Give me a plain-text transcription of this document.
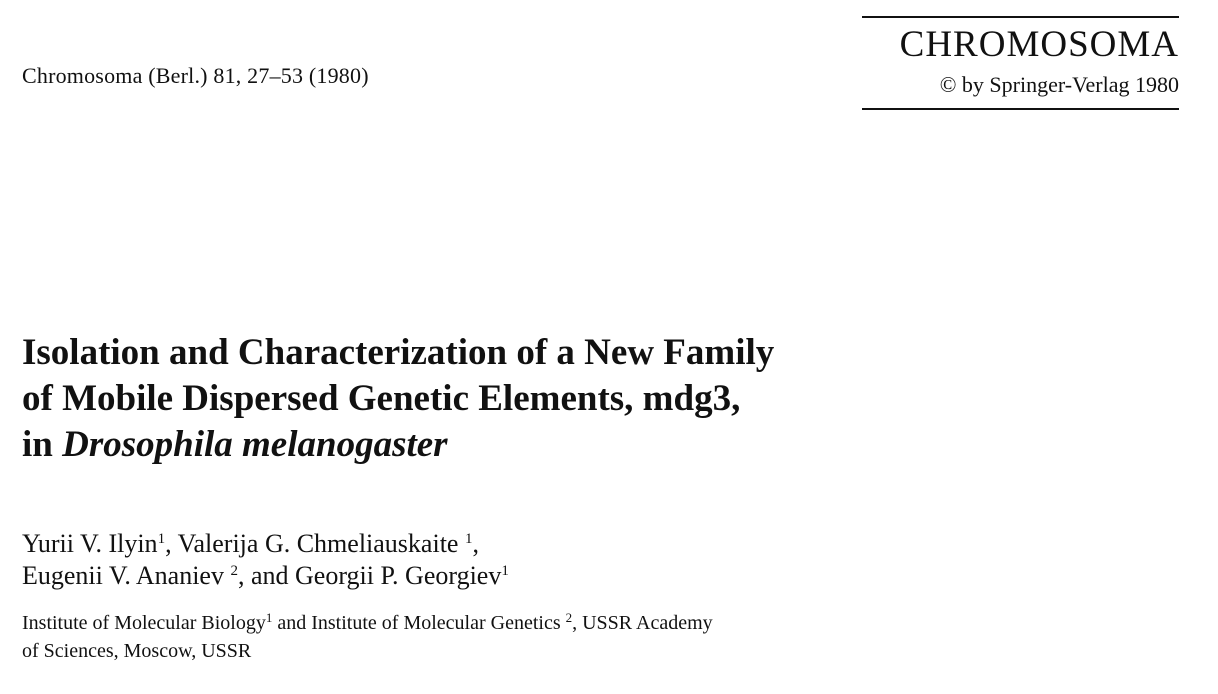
Chromosoma (Berl.) 81, 27–53 (1980)
CHROMOSOMA
© by Springer-Verlag 1980
Isolation and Characterization of a New Family
of Mobile Dispersed Genetic Elements, mdg3,
in Drosophila melanogaster
Yurii V. Ilyin$^1$, Valerija G. Chmeliauskaite $^1$,
Eugenii V. Ananiev $^2$, and Georgii P. Georgiev$^1$
Institute of Molecular Biology$^1$ and Institute of Molecular Genetics $^2$, USSR Academy
of Sciences, Moscow, USSR
